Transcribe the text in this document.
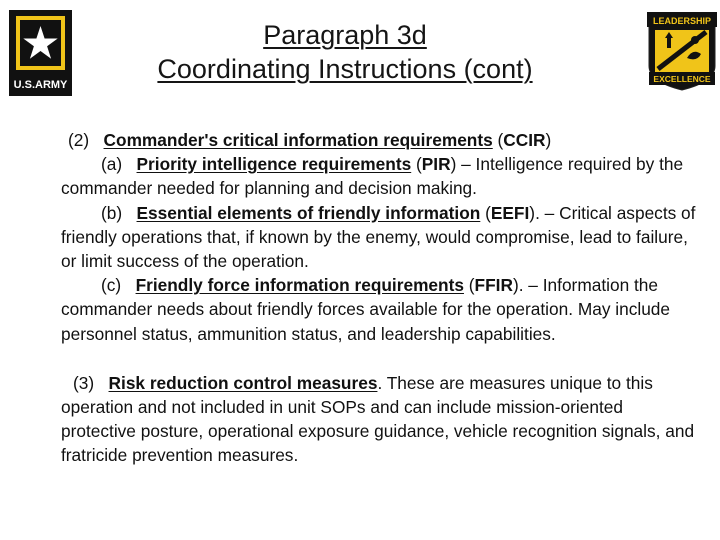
U.S.ARMY
LEADERSHIP
EXCELLENCE
Paragraph 3d
Coordinating Instructions (cont)

(2) Commander's critical information requirements (CCIR)

(a) Priority intelligence requirements (PIR) – Intelligence required by the commander needed for planning and decision making.

(b) Essential elements of friendly information (EEFI). – Critical aspects of friendly operations that, if known by the enemy, would compromise, lead to failure, or limit success of the operation.

(c) Friendly force information requirements (FFIR). – Information the commander needs about friendly forces available for the operation. May include personnel status, ammunition status, and leadership capabilities.

(3) Risk reduction control measures. These are measures unique to this operation and not included in unit SOPs and can include mission-oriented protective posture, operational exposure guidance, vehicle recognition signals, and fratricide prevention measures.
